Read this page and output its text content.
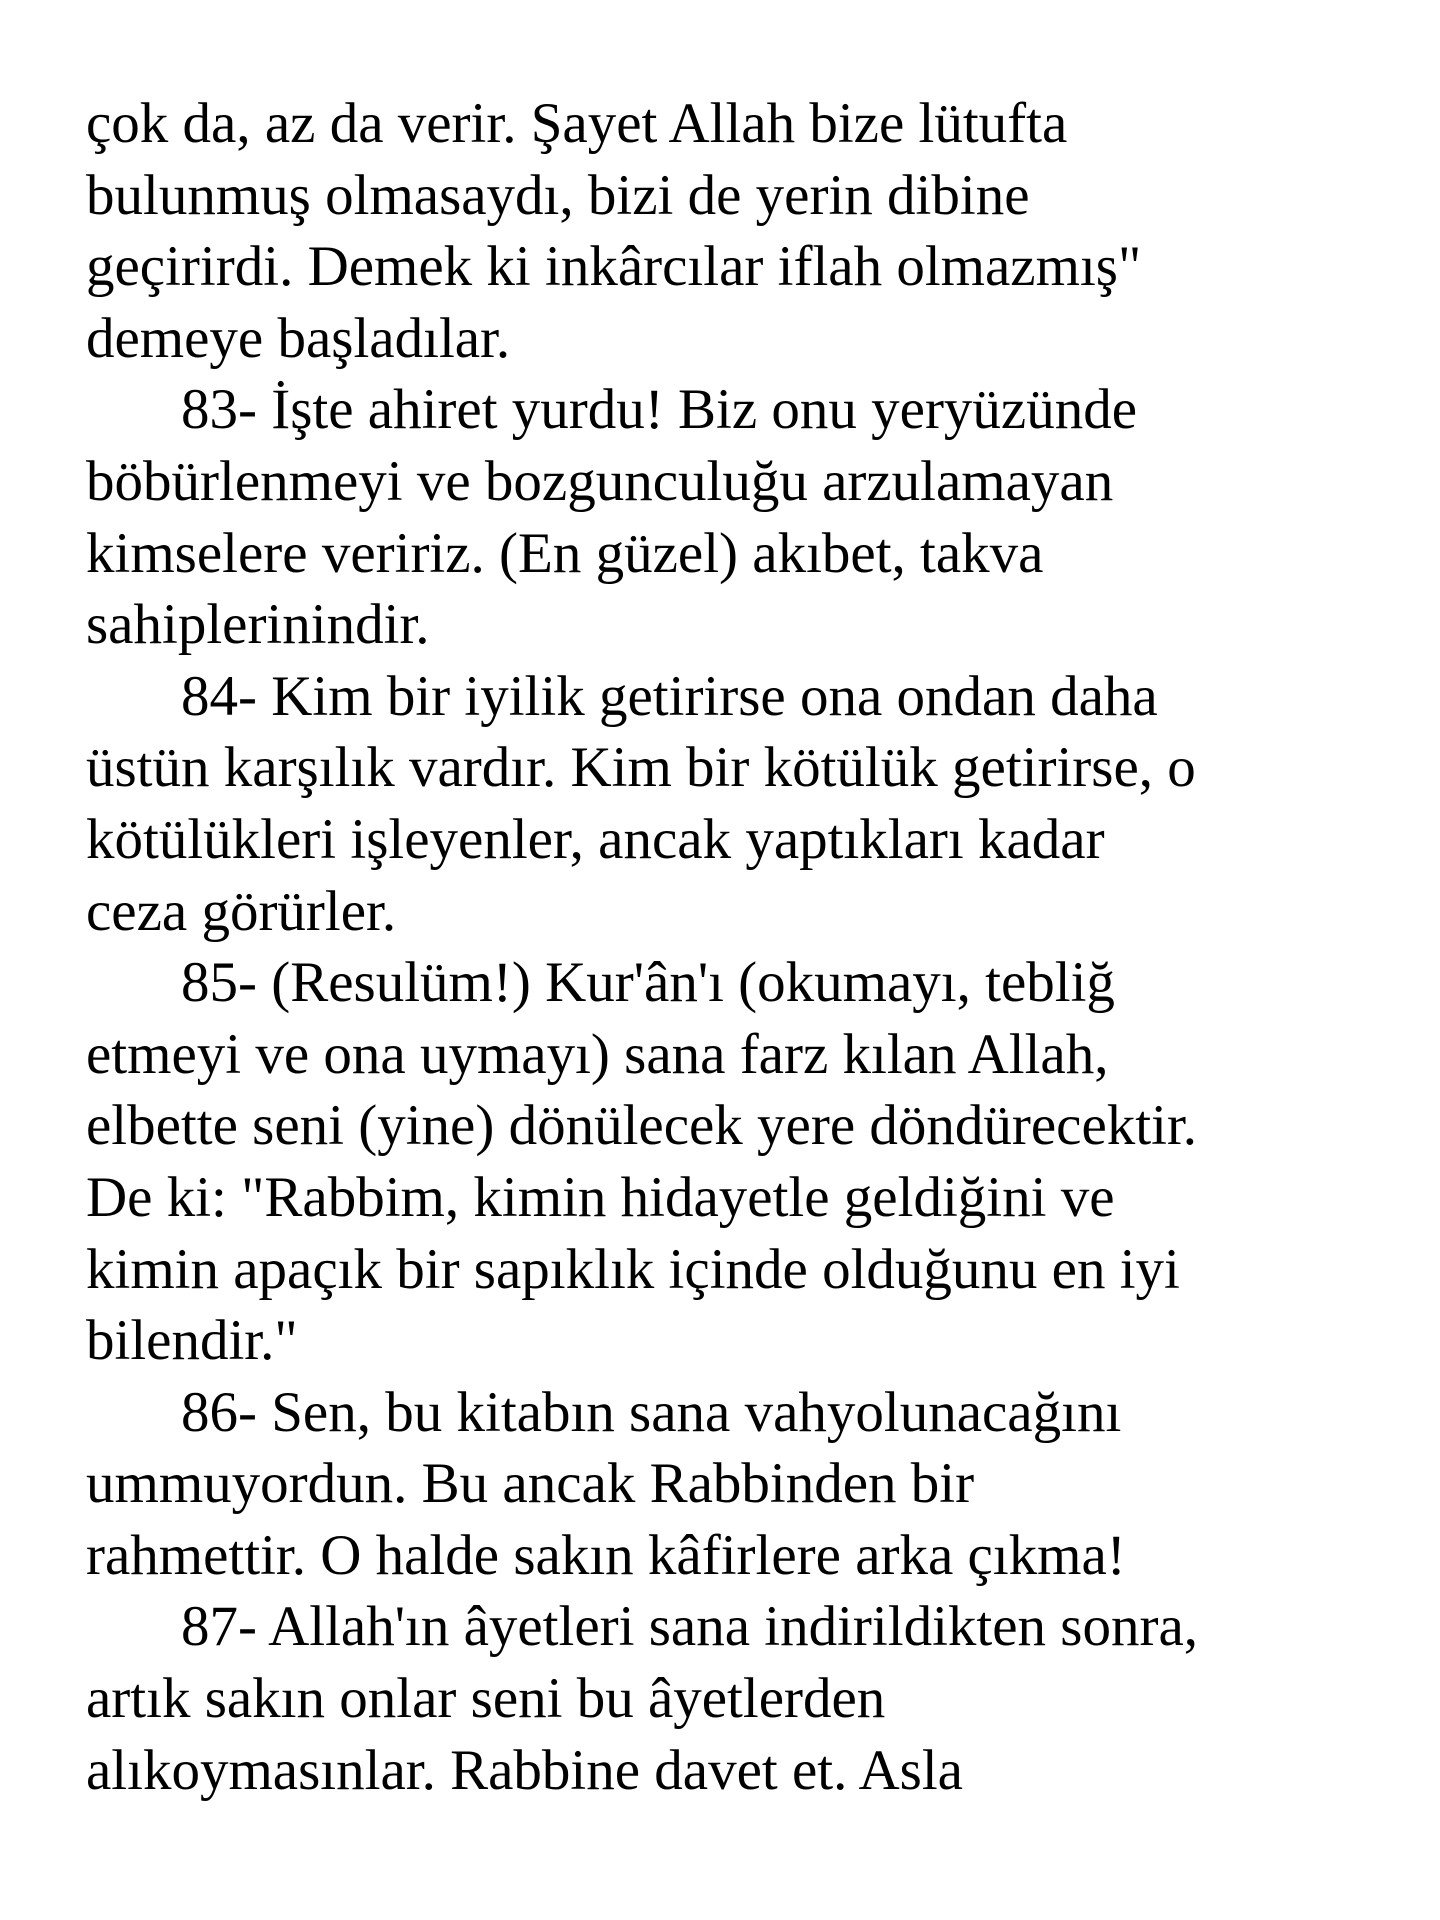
çok da, az da verir. Şayet Allah bize lütufta
bulunmuş olmasaydı, bizi de yerin dibine
geçirirdi. Demek ki inkârcılar iflah olmazmış"
demeye başladılar.
83- İşte ahiret yurdu! Biz onu yeryüzünde
böbürlenmeyi ve bozgunculuğu arzulamayan
kimselere veririz. (En güzel) akıbet, takva
sahiplerinindir.
84- Kim bir iyilik getirirse ona ondan daha
üstün karşılık vardır. Kim bir kötülük getirirse, o
kötülükleri işleyenler, ancak yaptıkları kadar
ceza görürler.
85- (Resulüm!) Kur'ân'ı (okumayı, tebliğ
etmeyi ve ona uymayı) sana farz kılan Allah,
elbette seni (yine) dönülecek yere döndürecektir.
De ki: "Rabbim, kimin hidayetle geldiğini ve
kimin apaçık bir sapıklık içinde olduğunu en iyi
bilendir."
86- Sen, bu kitabın sana vahyolunacağını
ummuyordun. Bu ancak Rabbinden bir
rahmettir. O halde sakın kâfirlere arka çıkma!
87- Allah'ın âyetleri sana indirildikten sonra,
artık sakın onlar seni bu âyetlerden
alıkoymasınlar. Rabbine davet et. Asla
